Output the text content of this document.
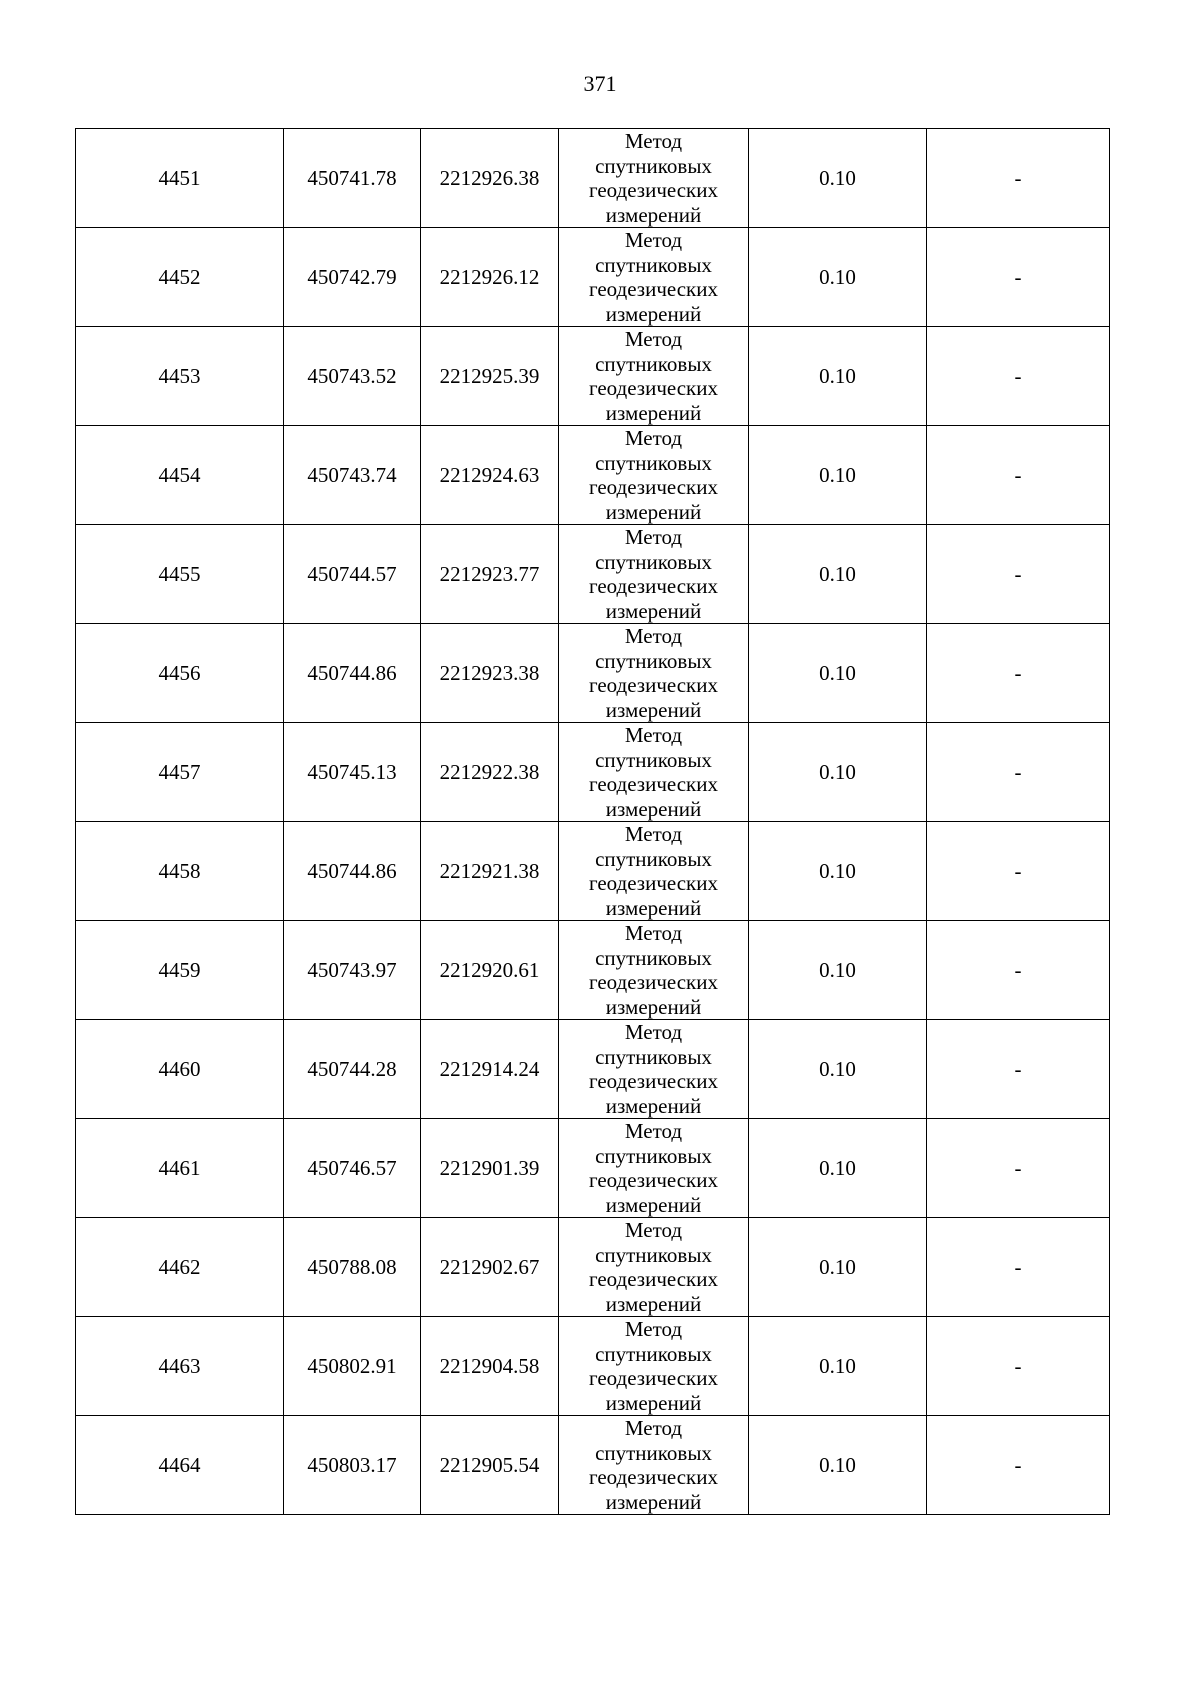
371
4451	450741.78	2212926.38	Метод
спутниковых
геодезических
измерений	0.10	-
4452	450742.79	2212926.12	Метод
спутниковых
геодезических
измерений	0.10	-
4453	450743.52	2212925.39	Метод
спутниковых
геодезических
измерений	0.10	-
4454	450743.74	2212924.63	Метод
спутниковых
геодезических
измерений	0.10	-
4455	450744.57	2212923.77	Метод
спутниковых
геодезических
измерений	0.10	-
4456	450744.86	2212923.38	Метод
спутниковых
геодезических
измерений	0.10	-
4457	450745.13	2212922.38	Метод
спутниковых
геодезических
измерений	0.10	-
4458	450744.86	2212921.38	Метод
спутниковых
геодезических
измерений	0.10	-
4459	450743.97	2212920.61	Метод
спутниковых
геодезических
измерений	0.10	-
4460	450744.28	2212914.24	Метод
спутниковых
геодезических
измерений	0.10	-
4461	450746.57	2212901.39	Метод
спутниковых
геодезических
измерений	0.10	-
4462	450788.08	2212902.67	Метод
спутниковых
геодезических
измерений	0.10	-
4463	450802.91	2212904.58	Метод
спутниковых
геодезических
измерений	0.10	-
4464	450803.17	2212905.54	Метод
спутниковых
геодезических
измерений	0.10	-
